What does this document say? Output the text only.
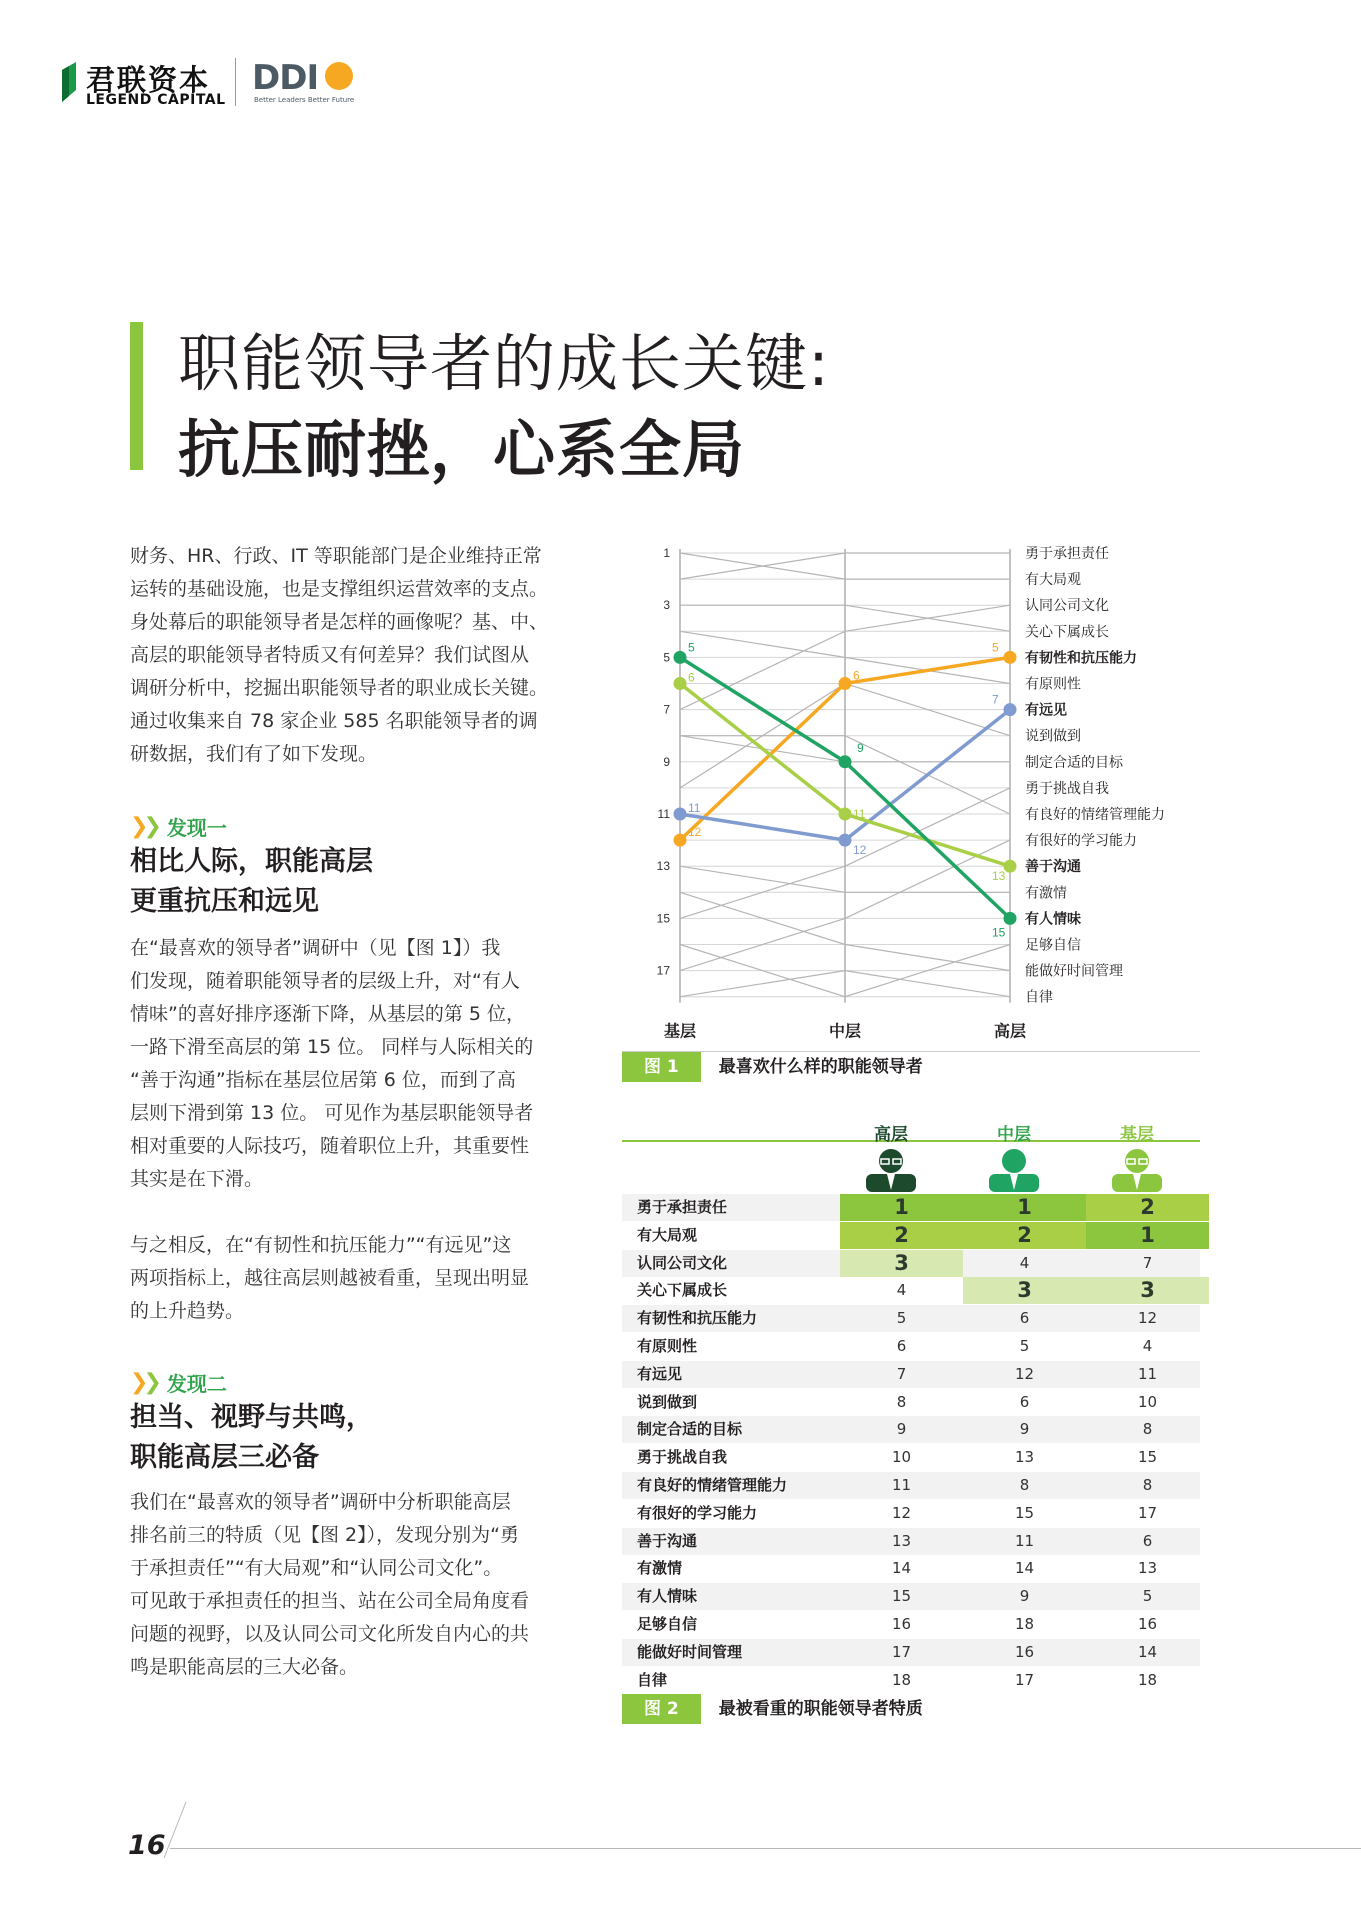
君联资本
LEGEND CAPITAL
DDI
Better Leaders Better Future
职能领导者的成长关键:
抗压耐挫，心系全局
财务、HR、行政、IT 等职能部门是企业维持正常
运转的基础设施，也是支撑组织运营效率的支点。
身处幕后的职能领导者是怎样的画像呢？基、中、
高层的职能领导者特质又有何差异？我们试图从
调研分析中，挖掘出职能领导者的职业成长关键。
通过收集来自 78 家企业 585 名职能领导者的调
研数据，我们有了如下发现。
❯❯ 发现一
相比人际，职能高层
更重抗压和远见
在“最喜欢的领导者”调研中（见【图 1】）我
们发现，随着职能领导者的层级上升，对“有人
情味”的喜好排序逐渐下降，从基层的第 5 位，
一路下滑至高层的第 15 位。 同样与人际相关的
“善于沟通”指标在基层位居第 6 位，而到了高
层则下滑到第 13 位。 可见作为基层职能领导者
相对重要的人际技巧，随着职位上升，其重要性
其实是在下滑。
与之相反，在“有韧性和抗压能力”“有远见”这
两项指标上，越往高层则越被看重，呈现出明显
的上升趋势。
❯❯ 发现二
担当、视野与共鸣，
职能高层三必备
我们在“最喜欢的领导者”调研中分析职能高层
排名前三的特质（见【图 2】），发现分别为“勇
于承担责任”“有大局观”和“认同公司文化”。
可见敢于承担责任的担当、站在公司全局角度看
问题的视野，以及认同公司文化所发自内心的共
鸣是职能高层的三大必备。
1
3
5
7
9
11
13
15
17
12
6
5
11
12
7
6
11
13
5
9
15
勇于承担责任
有大局观
认同公司文化
关心下属成长
有韧性和抗压能力
有原则性
有远见
说到做到
制定合适的目标
勇于挑战自我
有良好的情绪管理能力
有很好的学习能力
善于沟通
有激情
有人情味
足够自信
能做好时间管理
自律
基层	中层	高层
图 1 最喜欢什么样的职能领导者
高层	中层	基层
勇于承担责任	1	1	2
有大局观	2	2	1
认同公司文化	3	4	7
关心下属成长	4	3	3
有韧性和抗压能力	5	6	12
有原则性	6	5	4
有远见	7	12	11
说到做到	8	6	10
制定合适的目标	9	9	8
勇于挑战自我	10	13	15
有良好的情绪管理能力	11	8	8
有很好的学习能力	12	15	17
善于沟通	13	11	6
有激情	14	14	13
有人情味	15	9	5
足够自信	16	18	16
能做好时间管理	17	16	14
自律	18	17	18
图 2 最被看重的职能领导者特质
16
